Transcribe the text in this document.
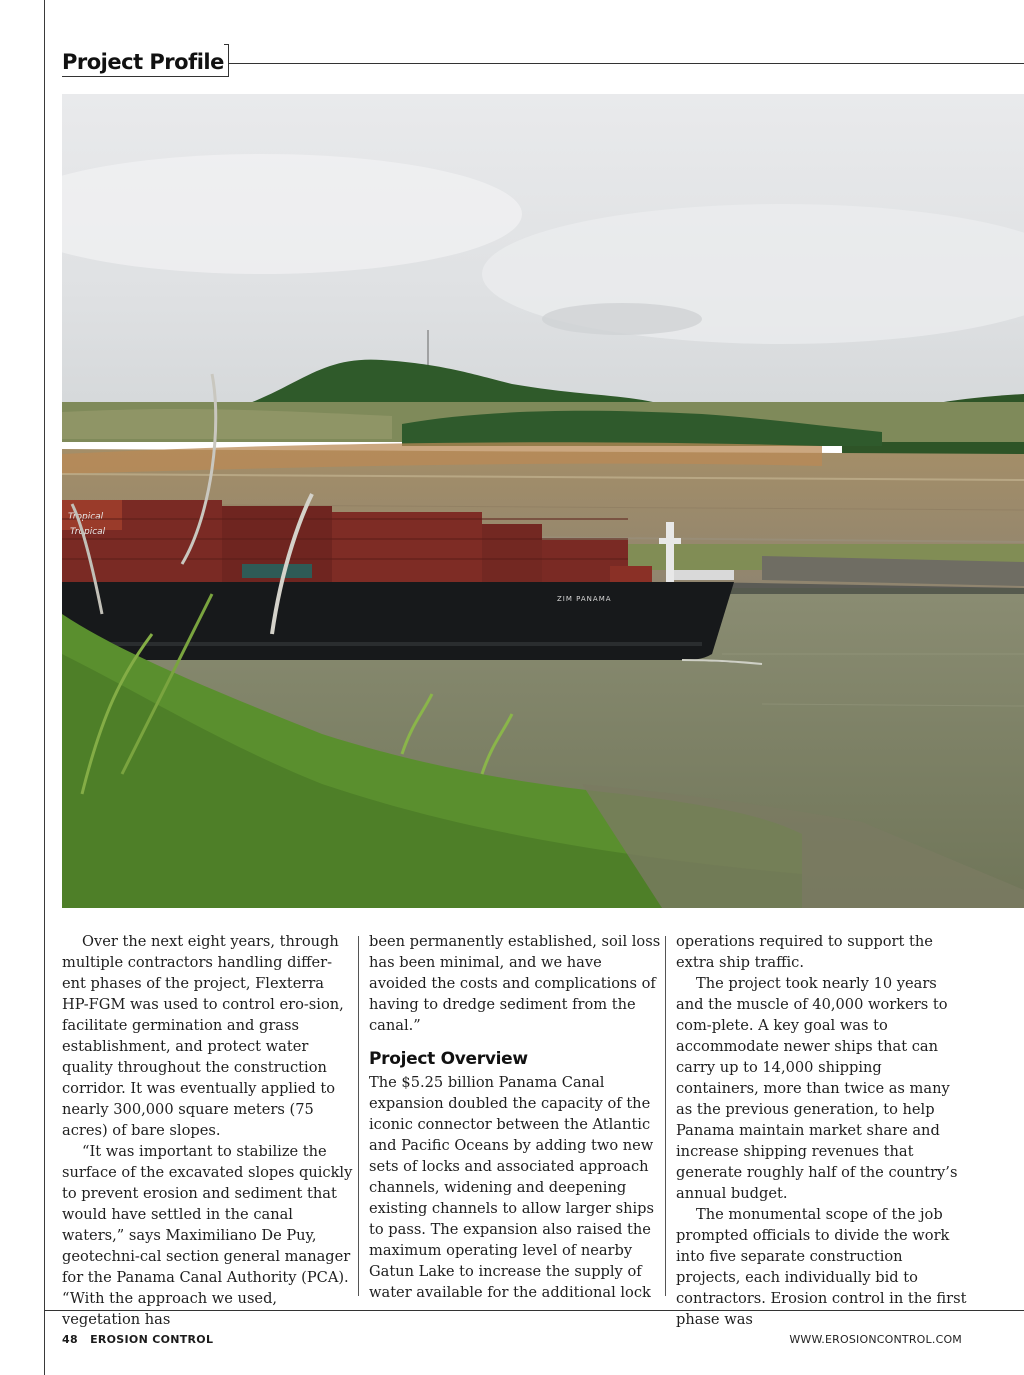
Project Profile
ZIM PANAMA
Tropical
Tropical

Over the next eight years, through multiple contractors handling differ-ent phases of the project, Flexterra HP-FGM was used to control ero-sion, facilitate germination and grass establishment, and protect water quality throughout the construction corridor. It was eventually applied to nearly 300,000 square meters (75 acres) of bare slopes.

“It was important to stabilize the surface of the excavated slopes quickly to prevent erosion and sediment that would have settled in the canal waters,” says Maximiliano De Puy, geotechni-cal section general manager for the Panama Canal Authority (PCA). “With the approach we used, vegetation has

been permanently established, soil loss has been minimal, and we have avoided the costs and complications of having to dredge sediment from the canal.”

Project Overview

The $5.25 billion Panama Canal expansion doubled the capacity of the iconic connector between the Atlantic and Pacific Oceans by adding two new sets of locks and associated approach channels, widening and deepening existing channels to allow larger ships to pass. The expansion also raised the maximum operating level of nearby Gatun Lake to increase the supply of water available for the additional lock

operations required to support the extra ship traffic.

The project took nearly 10 years and the muscle of 40,000 workers to com-plete. A key goal was to accommodate newer ships that can carry up to 14,000 shipping containers, more than twice as many as the previous generation, to help Panama maintain market share and increase shipping revenues that generate roughly half of the country’s annual budget.

The monumental scope of the job prompted officials to divide the work into five separate construction projects, each individually bid to contractors. Erosion control in the first phase was

48 EROSION CONTROL	WWW.EROSIONCONTROL.COM
